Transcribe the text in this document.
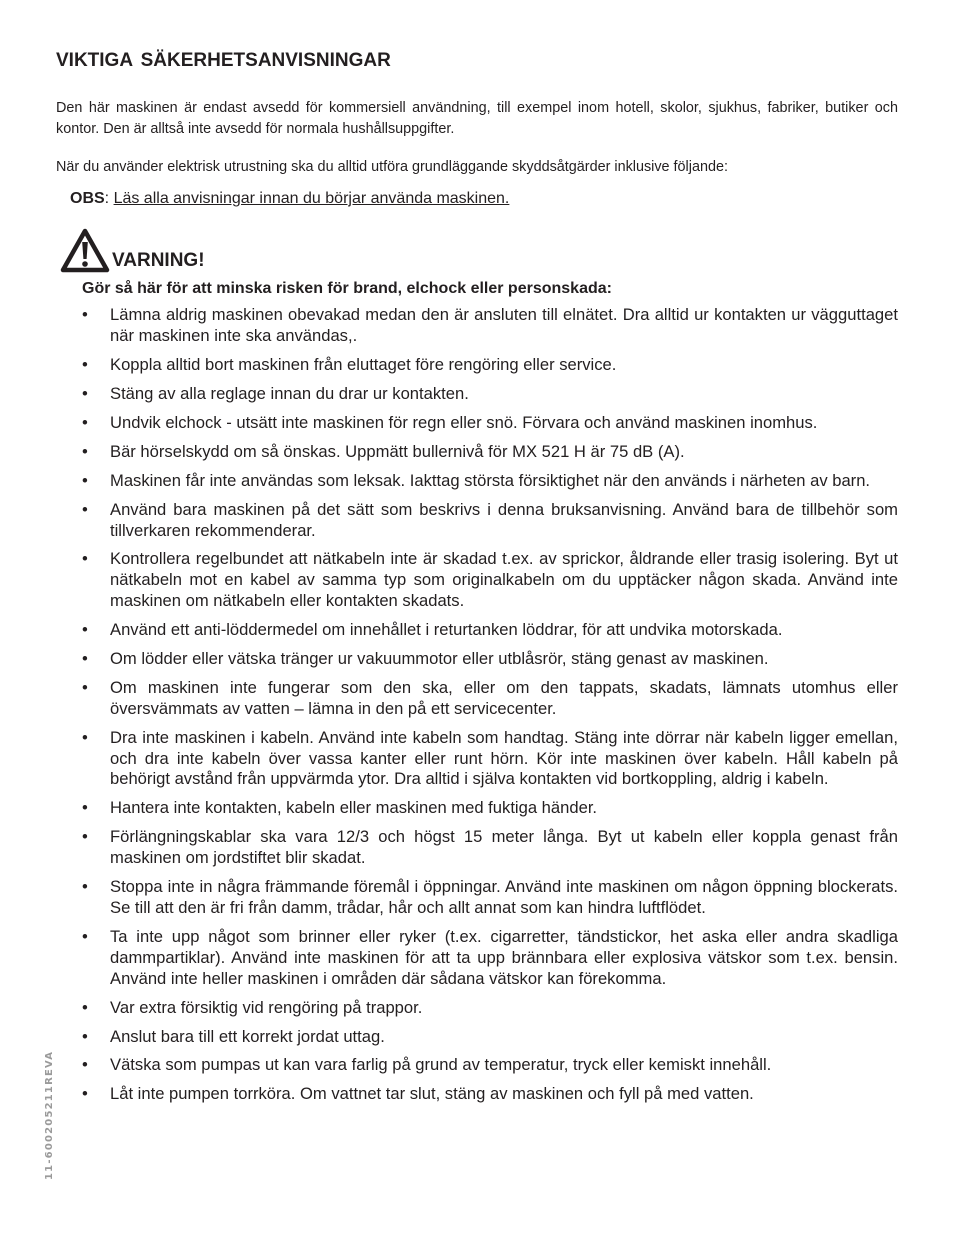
VIKTIGA SÄKERHETSANVISNINGAR

Den här maskinen är endast avsedd för kommersiell användning, till exempel inom hotell, skolor, sjukhus, fabriker, butiker och kontor. Den är alltså inte avsedd för normala hushållsuppgifter.

När du använder elektrisk utrustning ska du alltid utföra grundläggande skyddsåtgärder inklusive följande:

OBS: Läs alla anvisningar innan du börjar använda maskinen.

VARNING!

Gör så här för att minska risken för brand, elchock eller personskada:

• Lämna aldrig maskinen obevakad medan den är ansluten till elnätet. Dra alltid ur kontakten ur vägguttaget när maskinen inte ska användas,.
• Koppla alltid bort maskinen från eluttaget före rengöring eller service.
• Stäng av alla reglage innan du drar ur kontakten.
• Undvik elchock - utsätt inte maskinen för regn eller snö. Förvara och använd maskinen inomhus.
• Bär hörselskydd om så önskas. Uppmätt bullernivå för MX 521 H är 75 dB (A).
• Maskinen får inte användas som leksak. Iakttag största försiktighet när den används i närheten av barn.
• Använd bara maskinen på det sätt som beskrivs i denna bruksanvisning. Använd bara de tillbehör som tillverkaren rekommenderar.
• Kontrollera regelbundet att nätkabeln inte är skadad t.ex. av sprickor, åldrande eller trasig isolering. Byt ut nätkabeln mot en kabel av samma typ som originalkabeln om du upptäcker någon skada. Använd inte maskinen om nätkabeln eller kontakten skadats.
• Använd ett anti-löddermedel om innehållet i returtanken löddrar, för att undvika motorskada.
• Om lödder eller vätska tränger ur vakuummotor eller utblåsrör, stäng genast av maskinen.
• Om maskinen inte fungerar som den ska, eller om den tappats, skadats, lämnats utomhus eller översvämmats av vatten – lämna in den på ett servicecenter.
• Dra inte maskinen i kabeln. Använd inte kabeln som handtag. Stäng inte dörrar när kabeln ligger emellan, och dra inte kabeln över vassa kanter eller runt hörn. Kör inte maskinen över kabeln. Håll kabeln på behörigt avstånd från uppvärmda ytor. Dra alltid i själva kontakten vid bortkoppling, aldrig i kabeln.
• Hantera inte kontakten, kabeln eller maskinen med fuktiga händer.
• Förlängningskablar ska vara 12/3 och högst 15 meter långa. Byt ut kabeln eller koppla genast från maskinen om jordstiftet blir skadat.
• Stoppa inte in några främmande föremål i öppningar. Använd inte maskinen om någon öppning blockerats. Se till att den är fri från damm, trådar, hår och allt annat som kan hindra luftflödet.
• Ta inte upp något som brinner eller ryker (t.ex. cigarretter, tändstickor, het aska eller andra skadliga dammpartiklar). Använd inte maskinen för att ta upp brännbara eller explosiva vätskor som t.ex. bensin. Använd inte heller maskinen i områden där sådana vätskor kan förekomma.
• Var extra försiktig vid rengöring på trappor.
• Anslut bara till ett korrekt jordat uttag.
• Vätska som pumpas ut kan vara farlig på grund av temperatur, tryck eller kemiskt innehåll.
• Låt inte pumpen torrköra. Om vattnet tar slut, stäng av maskinen och fyll på med vatten.
11-600205211REVA
